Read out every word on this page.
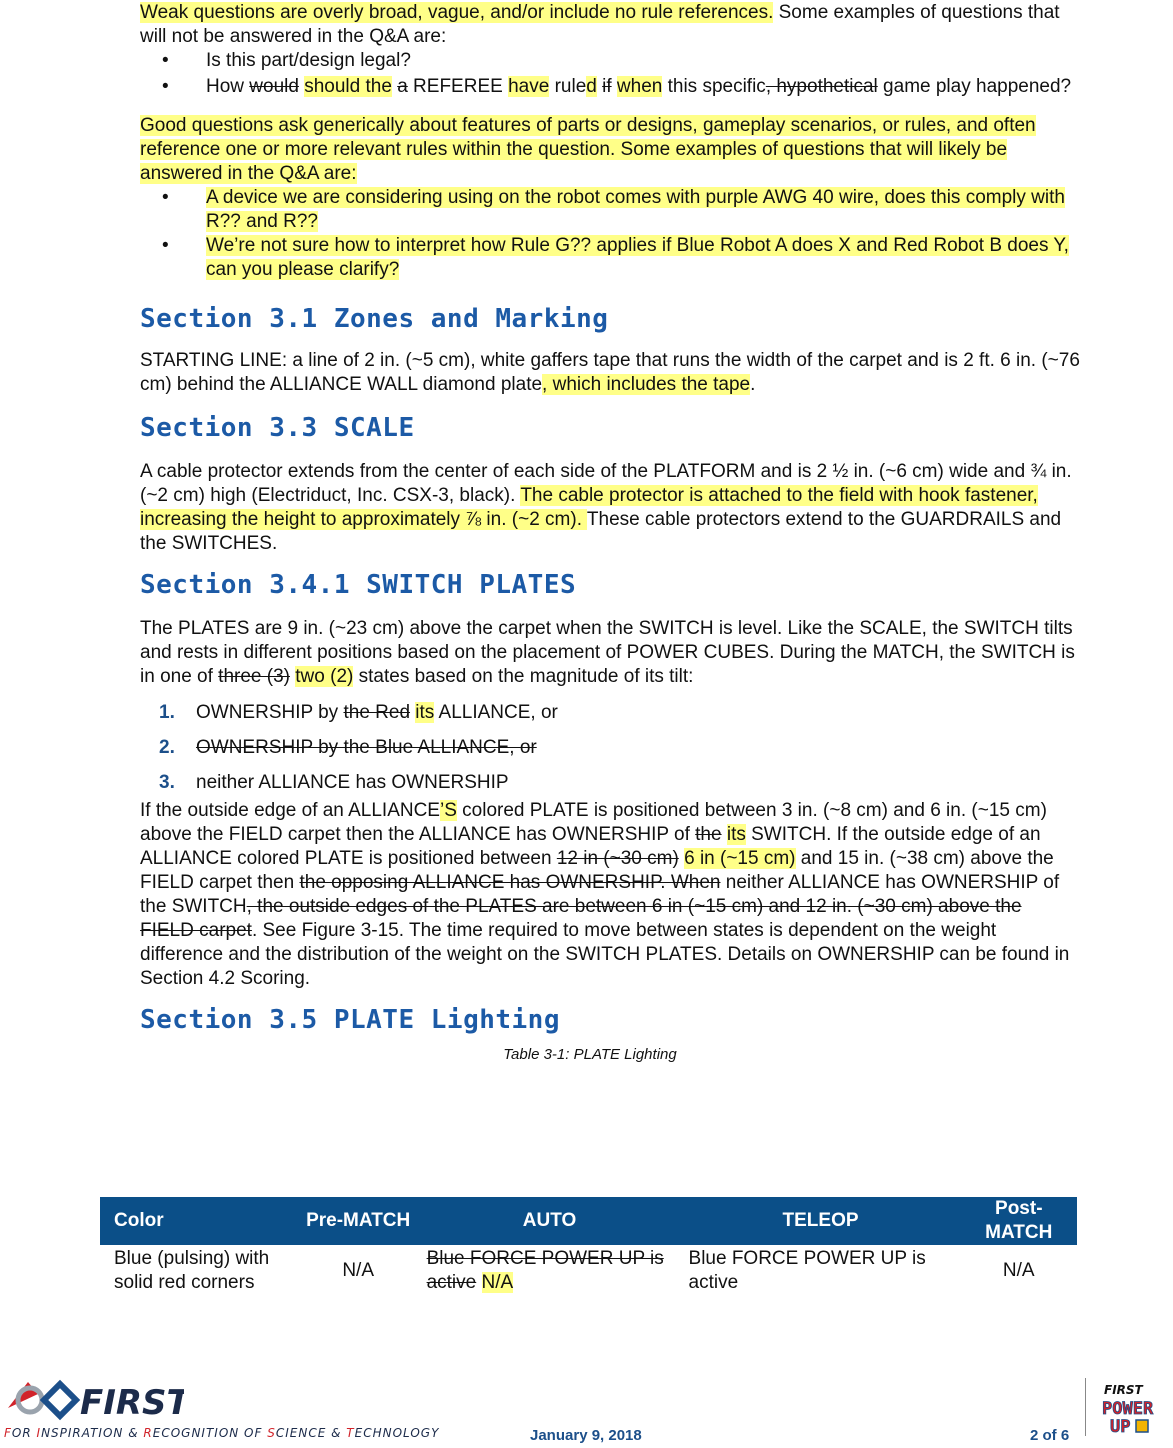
Weak questions are overly broad, vague, and/or include no rule references. Some examples of questions that will not be answered in the Q&A are:

• Is this part/design legal?
• How would should the a REFEREE have ruled if when this specific, hypothetical game play happened?

Good questions ask generically about features of parts or designs, gameplay scenarios, or rules, and often reference one or more relevant rules within the question. Some examples of questions that will likely be answered in the Q&A are:

• A device we are considering using on the robot comes with purple AWG 40 wire, does this comply with R?? and R??
• We’re not sure how to interpret how Rule G?? applies if Blue Robot A does X and Red Robot B does Y, can you please clarify?
Section 3.1 Zones and Marking

STARTING LINE: a line of 2 in. (~5 cm), white gaffers tape that runs the width of the carpet and is 2 ft. 6 in. (~76 cm) behind the ALLIANCE WALL diamond plate, which includes the tape.

Section 3.3 SCALE

A cable protector extends from the center of each side of the PLATFORM and is 2 ½ in. (~6 cm) wide and ¾ in. (~2 cm) high (Electriduct, Inc. CSX-3, black). The cable protector is attached to the field with hook fastener, increasing the height to approximately ⅞ in. (~2 cm). These cable protectors extend to the GUARDRAILS and the SWITCHES.

Section 3.4.1 SWITCH PLATES

The PLATES are 9 in. (~23 cm) above the carpet when the SWITCH is level. Like the SCALE, the SWITCH tilts and rests in different positions based on the placement of POWER CUBES. During the MATCH, the SWITCH is in one of three (3) two (2) states based on the magnitude of its tilt:

1. OWNERSHIP by the Red its ALLIANCE, or
2. OWNERSHIP by the Blue ALLIANCE, or
3. neither ALLIANCE has OWNERSHIP

If the outside edge of an ALLIANCE’S colored PLATE is positioned between 3 in. (~8 cm) and 6 in. (~15 cm) above the FIELD carpet then the ALLIANCE has OWNERSHIP of the its SWITCH. If the outside edge of an ALLIANCE colored PLATE is positioned between 12 in (~30 cm) 6 in (~15 cm) and 15 in. (~38 cm) above the FIELD carpet then the opposing ALLIANCE has OWNERSHIP. When neither ALLIANCE has OWNERSHIP of the SWITCH, the outside edges of the PLATES are between 6 in (~15 cm) and 12 in. (~30 cm) above the FIELD carpet. See Figure 3-15. The time required to move between states is dependent on the weight difference and the distribution of the weight on the SWITCH PLATES. Details on OWNERSHIP can be found in Section 4.2 Scoring.

Section 3.5 PLATE Lighting

Table 3-1: PLATE Lighting

Color	Pre-MATCH	AUTO	TELEOP	Post-MATCH
Blue (pulsing) with solid red corners	N/A	Blue FORCE POWER UP is active N/A	Blue FORCE POWER UP is active	N/A
FIRST
FOR INSPIRATION & RECOGNITION OF SCIENCE & TECHNOLOGY	January 9, 2018	2 of 6
FIRST
POWER
UP
